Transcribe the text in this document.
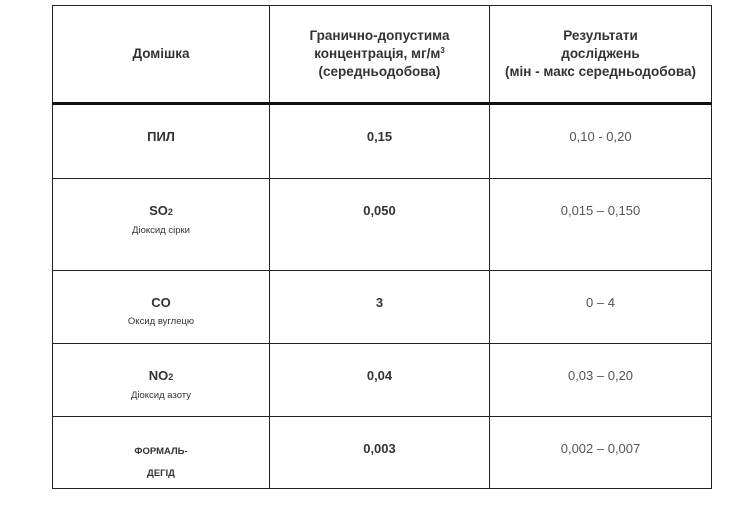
Домішка	Гранично-допустима
концентрація, $мг/м^3$
(середньодобова)	Результати
досліджень
(мін - макс середньодобова)

ПИЛ	0,15	0,10 - 0,20

SO2
Діоксид сірки	0,050	0,015 – 0,150

CO
Оксид вуглецю	3	0 – 4

NO2
Діоксид азоту	0,04	0,03 – 0,20

ФОРМАЛЬ-
ДЕГІД	0,003	0,002 – 0,007
